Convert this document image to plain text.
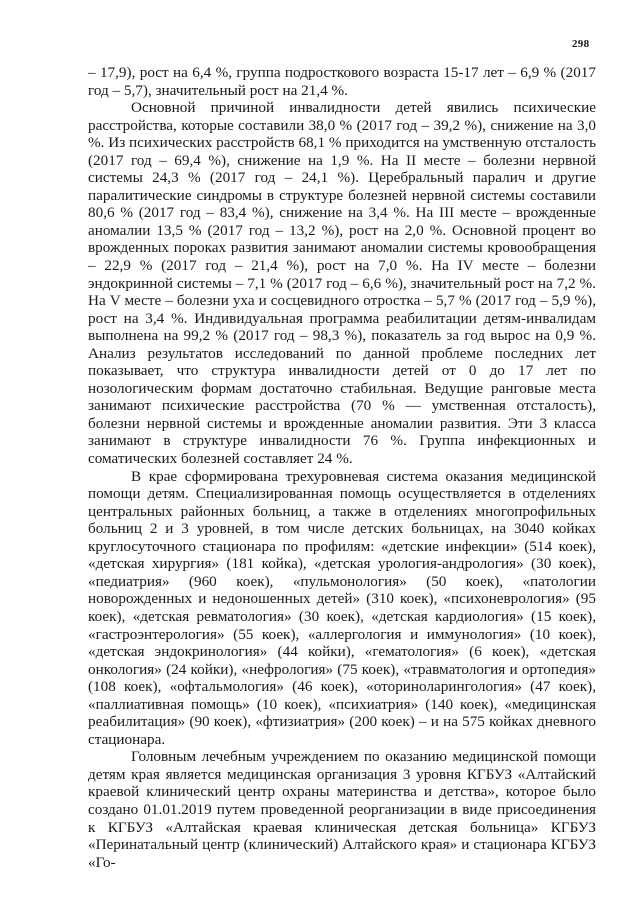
298

– 17,9), рост на 6,4 %, группа подросткового возраста 15-17 лет – 6,9 % (2017 год – 5,7), значительный рост на 21,4 %.

Основной причиной инвалидности детей явились психические расстройства, которые составили 38,0 % (2017 год – 39,2 %), снижение на 3,0 %. Из психических расстройств 68,1 % приходится на умственную отсталость (2017 год – 69,4 %), снижение на 1,9 %. На II месте – болезни нервной системы 24,3 % (2017 год – 24,1 %). Церебральный паралич и другие паралитические синдромы в структуре болезней нервной системы составили 80,6 % (2017 год – 83,4 %), снижение на 3,4 %. На III месте – врожденные аномалии 13,5 % (2017 год – 13,2 %), рост на 2,0 %. Основной процент во врожденных пороках развития занимают аномалии системы кровообращения – 22,9 % (2017 год – 21,4 %), рост на 7,0 %. На IV месте – болезни эндокринной системы – 7,1 % (2017 год – 6,6 %), значительный рост на 7,2 %. На V месте – болезни уха и сосцевидного отростка – 5,7 % (2017 год – 5,9 %), рост на 3,4 %. Индивидуальная программа реабилитации детям-инвалидам выполнена на 99,2 % (2017 год – 98,3 %), показатель за год вырос на 0,9 %. Анализ результатов исследований по данной проблеме последних лет показывает, что структура инвалидности детей от 0 до 17 лет по нозологическим формам достаточно стабильная. Ведущие ранговые места занимают психические расстройства (70 % — умственная отсталость), болезни нервной системы и врожденные аномалии развития. Эти 3 класса занимают в структуре инвалидности 76 %. Группа инфекционных и соматических болезней составляет 24 %.

В крае сформирована трехуровневая система оказания медицинской помощи детям. Специализированная помощь осуществляется в отделениях центральных районных больниц, а также в отделениях многопрофильных больниц 2 и 3 уровней, в том числе детских больницах, на 3040 койках круглосуточного стационара по профилям: «детские инфекции» (514 коек), «детская хирургия» (181 койка), «детская урология-андрология» (30 коек), «педиатрия» (960 коек), «пульмонология» (50 коек), «патологии новорожденных и недоношенных детей» (310 коек), «психоневрология» (95 коек), «детская ревматология» (30 коек), «детская кардиология» (15 коек), «гастроэнтерология» (55 коек), «аллергология и иммунология» (10 коек), «детская эндокринология» (44 койки), «гематология» (6 коек), «детская онкология» (24 койки), «нефрология» (75 коек), «травматология и ортопедия» (108 коек), «офтальмология» (46 коек), «оториноларингология» (47 коек), «паллиативная помощь» (10 коек), «психиатрия» (140 коек), «медицинская реабилитация» (90 коек), «фтизиатрия» (200 коек) – и на 575 койках дневного стационара.

Головным лечебным учреждением по оказанию медицинской помощи детям края является медицинская организация 3 уровня КГБУЗ «Алтайский краевой клинический центр охраны материнства и детства», которое было создано 01.01.2019 путем проведенной реорганизации в виде присоединения к КГБУЗ «Алтайская краевая клиническая детская больница» КГБУЗ «Перинатальный центр (клинический) Алтайского края» и стационара КГБУЗ «Го-
